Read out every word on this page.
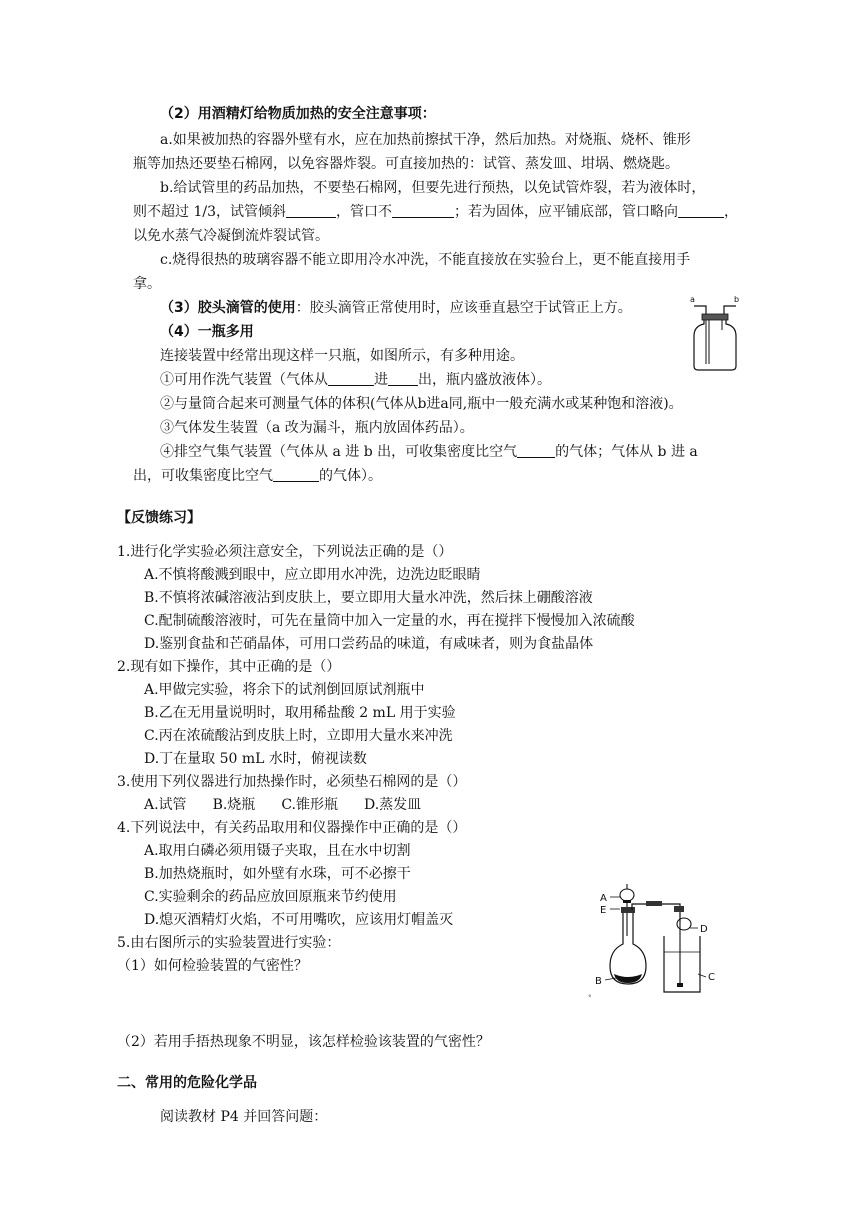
（2）用酒精灯给物质加热的安全注意事项：
a.如果被加热的容器外壁有水，应在加热前擦拭干净，然后加热。对烧瓶、烧杯、锥形
瓶等加热还要垫石棉网，以免容器炸裂。可直接加热的：试管、蒸发皿、坩埚、燃烧匙。
b.给试管里的药品加热，不要垫石棉网，但要先进行预热，以免试管炸裂，若为液体时，
则不超过 1/3，试管倾斜	，管口不	；若为固体，应平铺底部，管口略向	，
以免水蒸气冷凝倒流炸裂试管。
c.烧得很热的玻璃容器不能立即用冷水冲洗，不能直接放在实验台上，更不能直接用手
拿。
（3）胶头滴管的使用：胶头滴管正常使用时，应该垂直悬空于试管正上方。
a	b
（4）一瓶多用
连接装置中经常出现这样一只瓶，如图所示，有多种用途。
①可用作洗气装置（气体从	进 出，瓶内盛放液体）。
②与量筒合起来可测量气体的体积(气体从b进a同,瓶中一般充满水或某种饱和溶液)。
③气体发生装置（a 改为漏斗，瓶内放固体药品）。
④排空气集气装置（气体从 a 进 b 出，可收集密度比空气	的气体；气体从 b 进 a
出，可收集密度比空气	的气体）。
【反馈练习】
1.进行化学实验必须注意安全，下列说法正确的是（）
A.不慎将酸溅到眼中，应立即用水冲洗，边洗边眨眼睛
B.不慎将浓碱溶液沾到皮肤上，要立即用大量水冲洗，然后抹上硼酸溶液
C.配制硫酸溶液时，可先在量筒中加入一定量的水，再在搅拌下慢慢加入浓硫酸
D.鉴别食盐和芒硝晶体，可用口尝药品的味道，有咸味者，则为食盐晶体
2.现有如下操作，其中正确的是（）
A.甲做完实验，将余下的试剂倒回原试剂瓶中
B.乙在无用量说明时，取用稀盐酸 2 mL 用于实验
C.丙在浓硫酸沾到皮肤上时，立即用大量水来冲洗
D.丁在量取 50 mL 水时，俯视读数
3.使用下列仪器进行加热操作时，必须垫石棉网的是（）
A.试管 B.烧瓶 C.锥形瓶 D.蒸发皿
4.下列说法中，有关药品取用和仪器操作中正确的是（）
A.取用白磷必须用镊子夹取，且在水中切割
B.加热烧瓶时，如外壁有水珠，可不必擦干
C.实验剩余的药品应放回原瓶来节约使用
D.熄灭酒精灯火焰，不可用嘴吹，应该用灯帽盖灭
5.由右图所示的实验装置进行实验：
（1）如何检验装置的气密性？
（2）若用手捂热现象不明显，该怎样检验该装置的气密性？
A
E
D
B	C
°
二、常用的危险化学品
阅读教材 P4 并回答问题：
